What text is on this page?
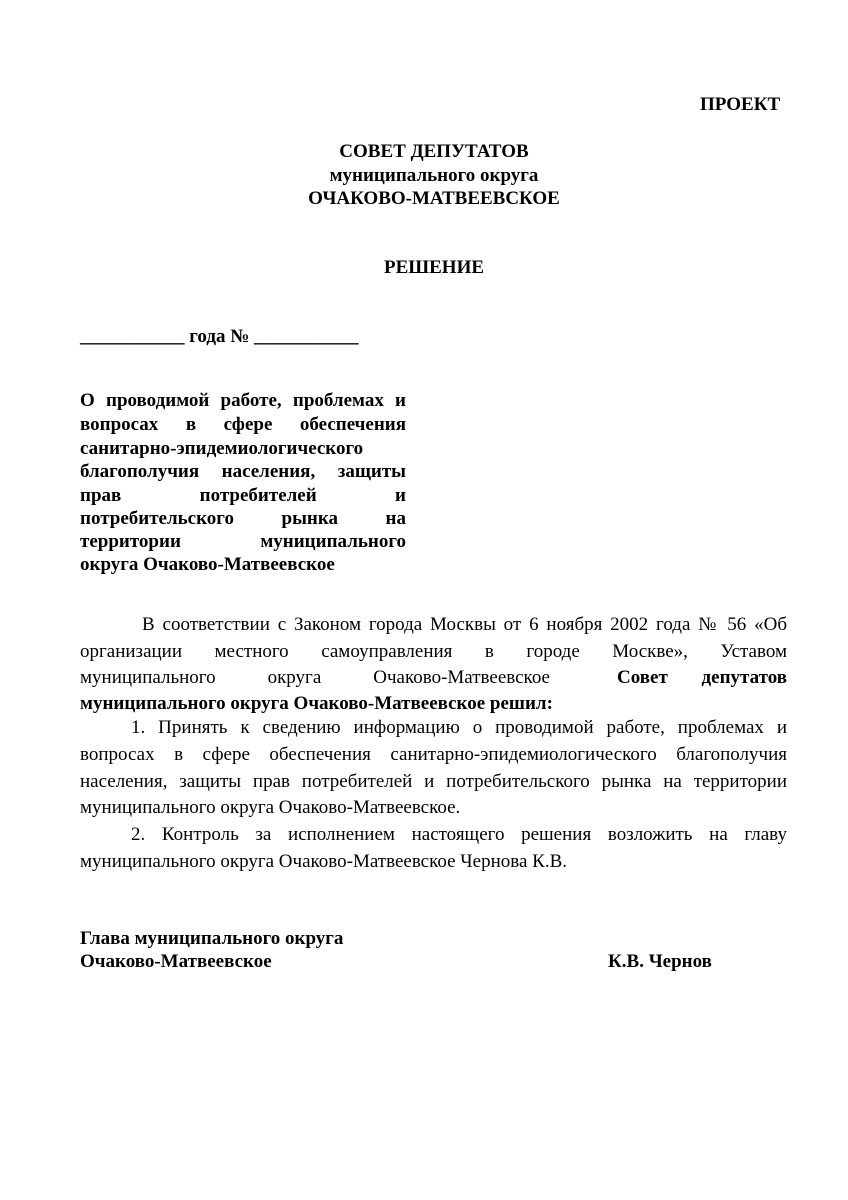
ПРОЕКТ
СОВЕТ ДЕПУТАТОВ
муниципального округа
ОЧАКОВО-МАТВЕЕВСКОЕ
РЕШЕНИЕ
___________ года № ___________
О проводимой работе, проблемах и
вопросах в сфере обеспечения
санитарно-эпидемиологического
благополучия населения, защиты
прав потребителей и
потребительского рынка на
территории муниципального
округа Очаково-Матвеевское
В соответствии с Законом города Москвы от 6 ноября 2002 года № 56 «Об
организации местного самоуправления в городе Москве», Уставом
муниципального округа Очаково-Матвеевское	Совет депутатов
муниципального округа Очаково-Матвеевское решил:
1. Принять к сведению информацию о проводимой работе, проблемах и
вопросах в сфере обеспечения санитарно-эпидемиологического благополучия
населения, защиты прав потребителей и потребительского рынка на территории
муниципального округа Очаково-Матвеевское.
2. Контроль за исполнением настоящего решения возложить на главу
муниципального округа Очаково-Матвеевское Чернова К.В.
Глава муниципального округа
Очаково-Матвеевское	К.В. Чернов
